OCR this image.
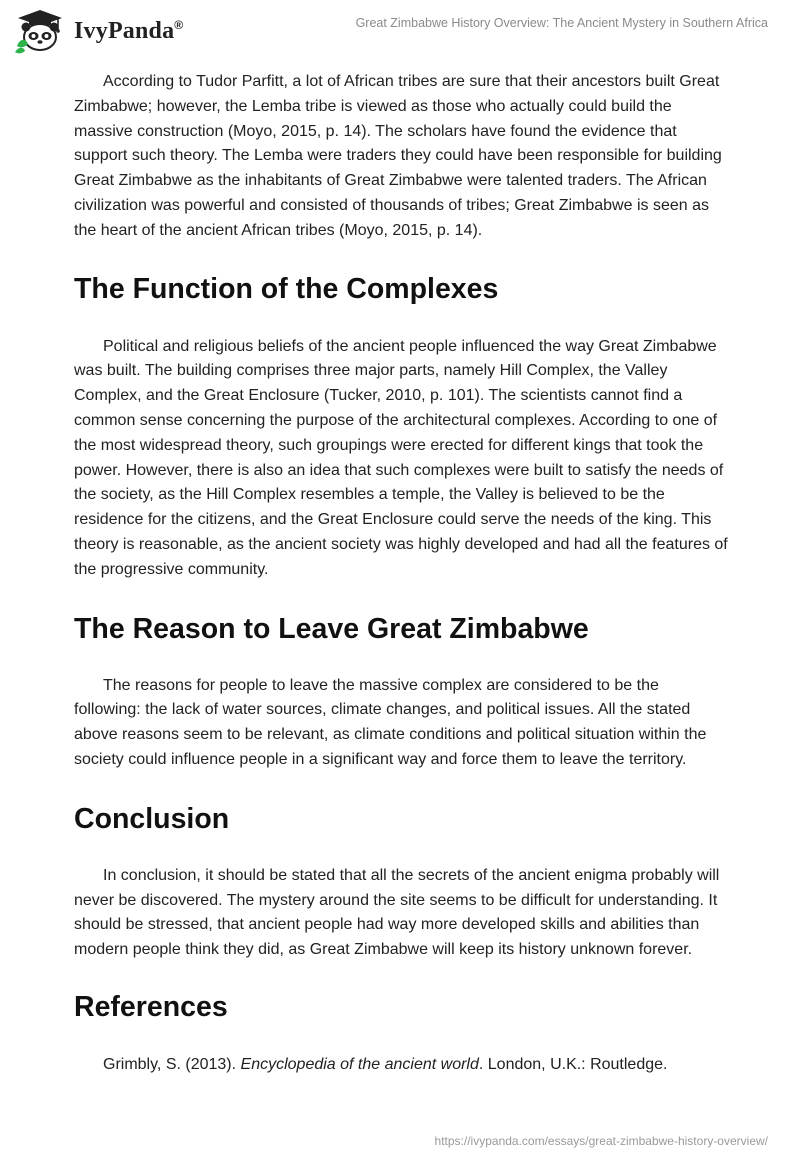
IvyPanda®	Great Zimbabwe History Overview: The Ancient Mystery in Southern Africa

According to Tudor Parfitt, a lot of African tribes are sure that their ancestors built Great Zimbabwe; however, the Lemba tribe is viewed as those who actually could build the massive construction (Moyo, 2015, p. 14). The scholars have found the evidence that support such theory. The Lemba were traders they could have been responsible for building Great Zimbabwe as the inhabitants of Great Zimbabwe were talented traders. The African civilization was powerful and consisted of thousands of tribes; Great Zimbabwe is seen as the heart of the ancient African tribes (Moyo, 2015, p. 14).

The Function of the Complexes

Political and religious beliefs of the ancient people influenced the way Great Zimbabwe was built. The building comprises three major parts, namely Hill Complex, the Valley Complex, and the Great Enclosure (Tucker, 2010, p. 101). The scientists cannot find a common sense concerning the purpose of the architectural complexes. According to one of the most widespread theory, such groupings were erected for different kings that took the power. However, there is also an idea that such complexes were built to satisfy the needs of the society, as the Hill Complex resembles a temple, the Valley is believed to be the residence for the citizens, and the Great Enclosure could serve the needs of the king. This theory is reasonable, as the ancient society was highly developed and had all the features of the progressive community.

The Reason to Leave Great Zimbabwe

The reasons for people to leave the massive complex are considered to be the following: the lack of water sources, climate changes, and political issues. All the stated above reasons seem to be relevant, as climate conditions and political situation within the society could influence people in a significant way and force them to leave the territory.

Conclusion

In conclusion, it should be stated that all the secrets of the ancient enigma probably will never be discovered. The mystery around the site seems to be difficult for understanding. It should be stressed, that ancient people had way more developed skills and abilities than modern people think they did, as Great Zimbabwe will keep its history unknown forever.

References

Grimbly, S. (2013). Encyclopedia of the ancient world. London, U.K.: Routledge.

https://ivypanda.com/essays/great-zimbabwe-history-overview/
